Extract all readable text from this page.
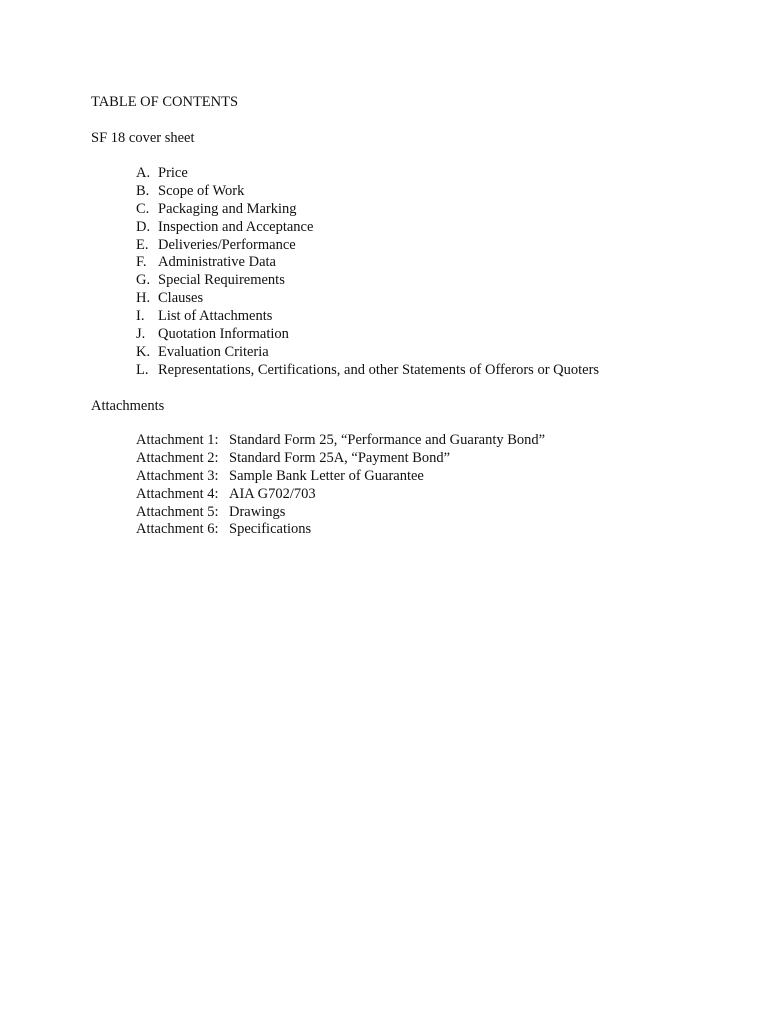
TABLE OF CONTENTS
SF 18 cover sheet
A. Price
B. Scope of Work
C. Packaging and Marking
D. Inspection and Acceptance
E. Deliveries/Performance
F. Administrative Data
G. Special Requirements
H. Clauses
I. List of Attachments
J. Quotation Information
K. Evaluation Criteria
L. Representations, Certifications, and other Statements of Offerors or Quoters
Attachments
Attachment 1: Standard Form 25, “Performance and Guaranty Bond”
Attachment 2: Standard Form 25A, “Payment Bond”
Attachment 3: Sample Bank Letter of Guarantee
Attachment 4: AIA G702/703
Attachment 5: Drawings
Attachment 6: Specifications
